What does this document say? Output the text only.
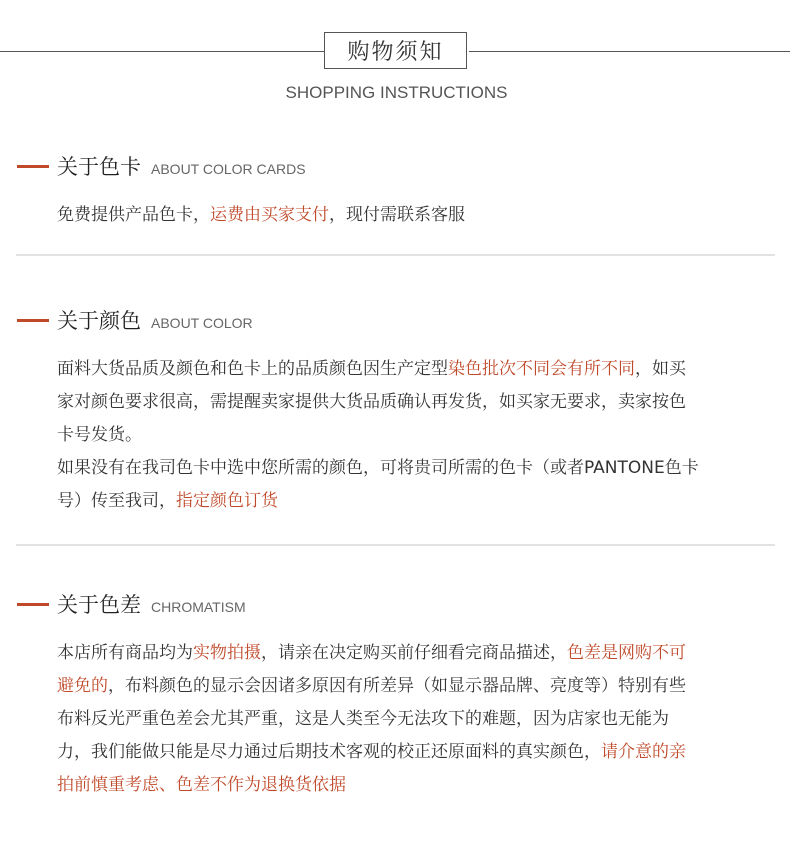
购物须知
SHOPPING INSTRUCTIONS
关于色卡 ABOUT COLOR CARDS
免费提供产品色卡，运费由买家支付，现付需联系客服
关于颜色 ABOUT COLOR
面料大货品质及颜色和色卡上的品质颜色因生产定型染色批次不同会有所不同，如买家对颜色要求很高，需提醒卖家提供大货品质确认再发货，如买家无要求，卖家按色卡号发货。
如果没有在我司色卡中选中您所需的颜色，可将贵司所需的色卡（或者PANTONE色卡号）传至我司，指定颜色订货
关于色差 CHROMATISM
本店所有商品均为实物拍摄，请亲在决定购买前仔细看完商品描述，色差是网购不可避免的，布料颜色的显示会因诸多原因有所差异（如显示器品牌、亮度等）特别有些布料反光严重色差会尤其严重，这是人类至今无法攻下的难题，因为店家也无能为力，我们能做只能是尽力通过后期技术客观的校正还原面料的真实颜色，请介意的亲拍前慎重考虑、色差不作为退换货依据
